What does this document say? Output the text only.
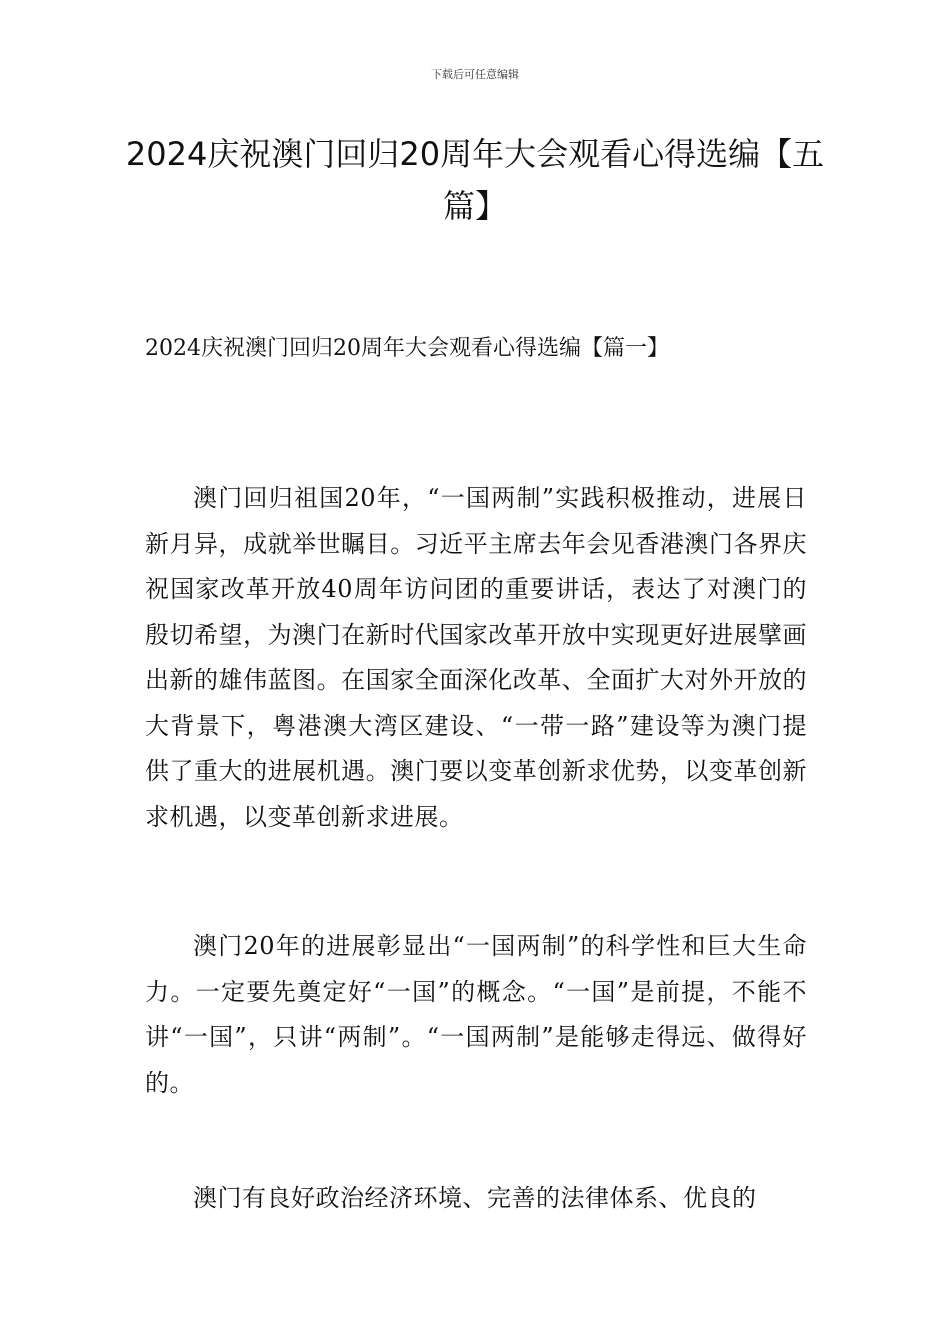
下载后可任意编辑
2024庆祝澳门回归20周年大会观看心得选编【五篇】
2024庆祝澳门回归20周年大会观看心得选编【篇一】

澳门回归祖国20年，“一国两制”实践积极推动，进展日新月异，成就举世瞩目。习近平主席去年会见香港澳门各界庆祝国家改革开放40周年访问团的重要讲话，表达了对澳门的殷切希望，为澳门在新时代国家改革开放中实现更好进展擘画出新的雄伟蓝图。在国家全面深化改革、全面扩大对外开放的大背景下，粤港澳大湾区建设、“一带一路”建设等为澳门提供了重大的进展机遇。澳门要以变革创新求优势，以变革创新求机遇，以变革创新求进展。

澳门20年的进展彰显出“一国两制”的科学性和巨大生命力。一定要先奠定好“一国”的概念。“一国”是前提，不能不讲“一国”，只讲“两制”。“一国两制”是能够走得远、做得好的。

澳门有良好政治经济环境、完善的法律体系、优良的
